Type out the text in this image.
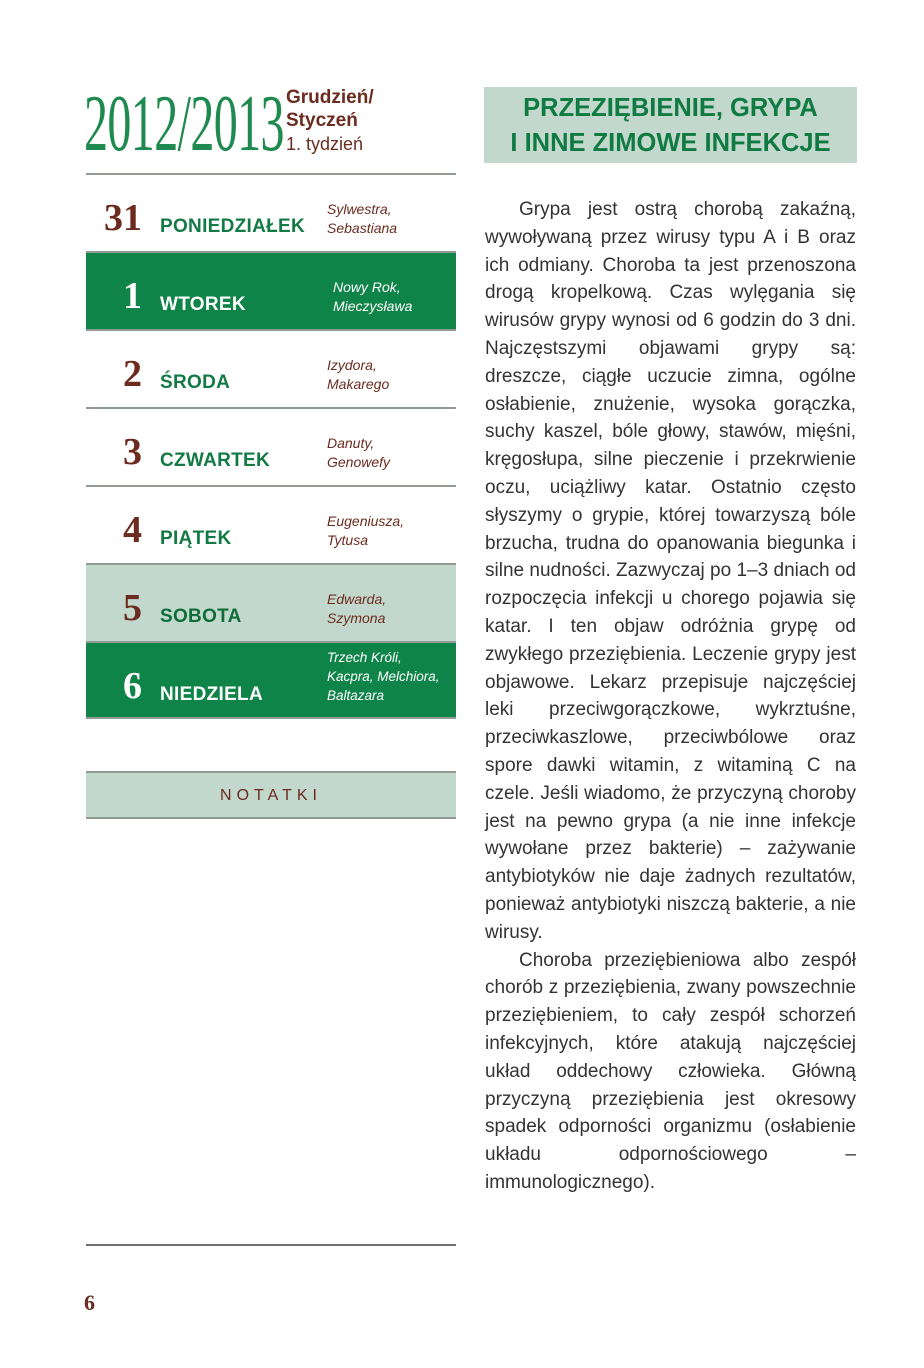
2012/2013 Grudzień/
Styczeń
1. tydzień
31 PONIEDZIAŁEK
Sylwestra,
Sebastiana
1 WTOREK
Nowy Rok,
Mieczysława
2 ŚRODA
Izydora,
Makarego
3 CZWARTEK
Danuty,
Genowefy
4 PIĄTEK
Eugeniusza,
Tytusa
5 SOBOTA
Edwarda,
Szymona
6 NIEDZIELA
Trzech Króli,
Kacpra, Melchiora,
Baltazara
NOTATKI
6
PRZEZIĘBIENIE, GRYPA
I INNE ZIMOWE INFEKCJE

Grypa jest ostrą chorobą zakaźną, wywoływaną przez wirusy typu A i B oraz ich odmiany. Choroba ta jest przenoszona drogą kropelkową. Czas wylęgania się wirusów grypy wynosi od 6 godzin do 3 dni. Najczęstszymi objawami grypy są: dreszcze, ciągłe uczucie zimna, ogólne osłabienie, znużenie, wysoka gorączka, suchy kaszel, bóle głowy, stawów, mięśni, kręgosłupa, silne pieczenie i przekrwienie oczu, uciążliwy katar. Ostatnio często słyszymy o grypie, której towarzyszą bóle brzucha, trudna do opanowania biegunka i silne nudności. Zazwyczaj po 1–3 dniach od rozpoczęcia infekcji u chorego pojawia się katar. I ten objaw odróżnia grypę od zwykłego przeziębienia. Leczenie grypy jest objawowe. Lekarz przepisuje najczęściej leki przeciwgorączkowe, wykrztuśne, przeciwkaszlowe, przeciwbólowe oraz spore dawki witamin, z witaminą C na czele. Jeśli wiadomo, że przyczyną choroby jest na pewno grypa (a nie inne infekcje wywołane przez bakterie) – zażywanie antybiotyków nie daje żadnych rezultatów, ponieważ antybiotyki niszczą bakterie, a nie wirusy.

Choroba przeziębieniowa albo zespół chorób z przeziębienia, zwany powszechnie przeziębieniem, to cały zespół schorzeń infekcyjnych, które atakują najczęściej układ oddechowy człowieka. Główną przyczyną przeziębienia jest okresowy spadek odporności organizmu (osłabienie układu odpornościowego – immunologicznego).
